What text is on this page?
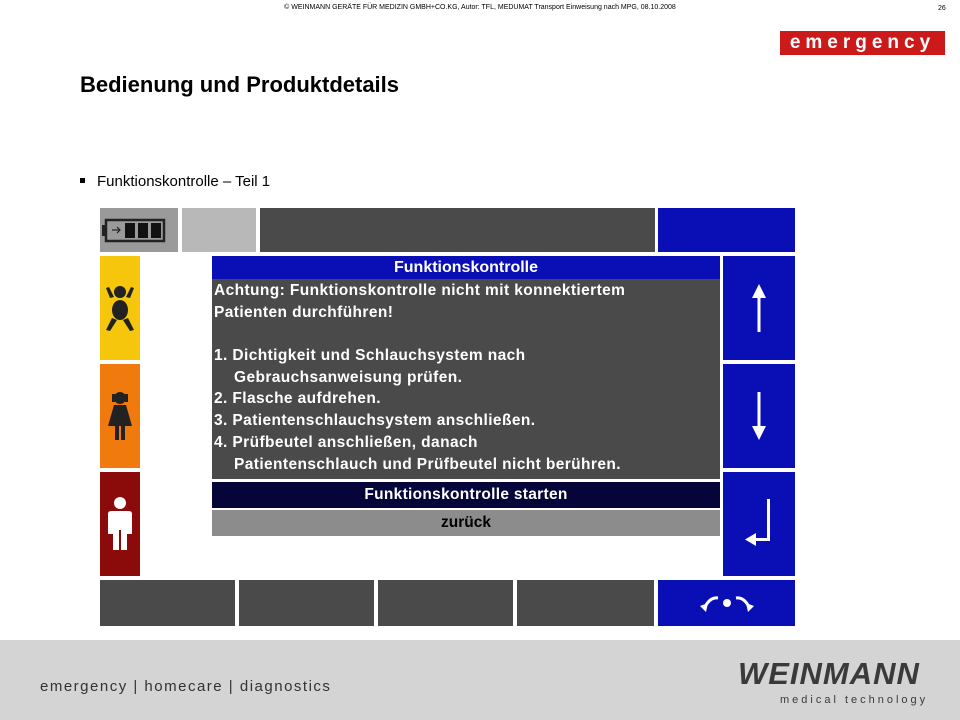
© WEINMANN GERÄTE FÜR MEDIZIN GMBH+CO.KG, Autor: TFL, MEDUMAT Transport Einweisung nach MPG, 08.10.2008	26
emergency
Bedienung und Produktdetails
Funktionskontrolle – Teil 1
Funktionskontrolle
Achtung: Funktionskontrolle nicht mit konnektiertem
Patienten durchführen!
1. Dichtigkeit und Schlauchsystem nach
Gebrauchsanweisung prüfen.
2. Flasche aufdrehen.
3. Patientenschlauchsystem anschließen.
4. Prüfbeutel anschließen, danach
Patientenschlauch und Prüfbeutel nicht berühren.
Funktionskontrolle starten
zurück
emergency | homecare | diagnostics	WEINMANN
medical technology
